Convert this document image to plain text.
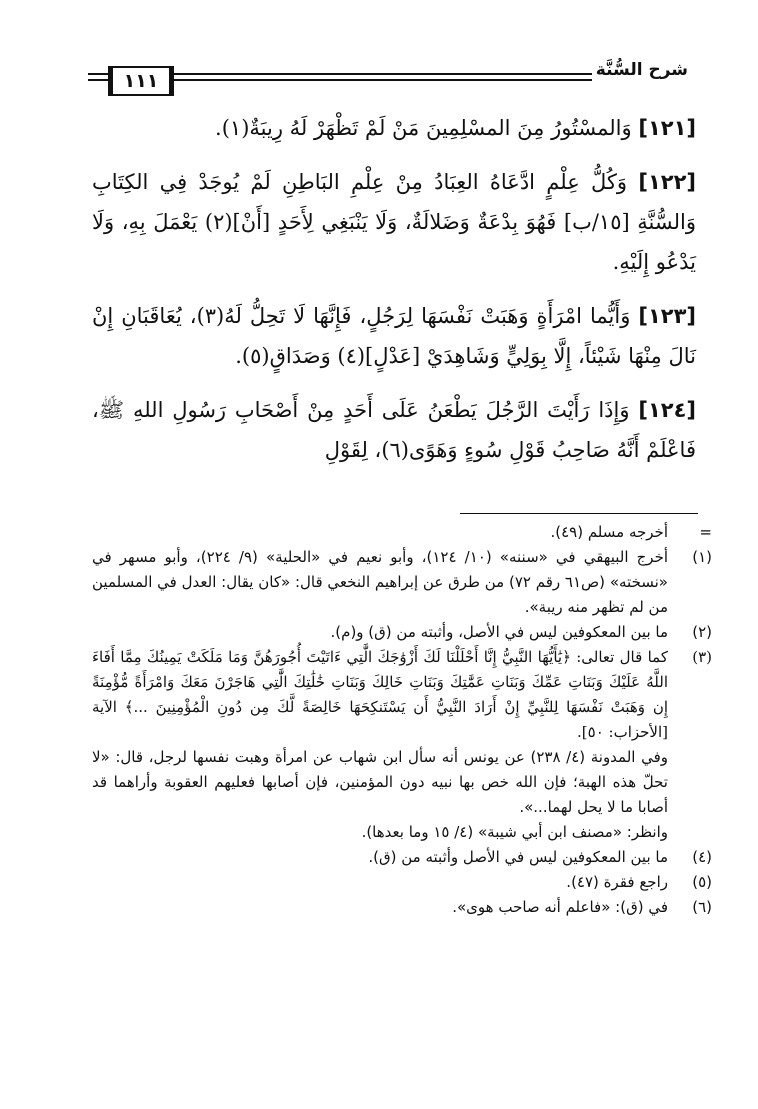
١١١	شرح السُّنَّة

[١٢١] وَالمسْتُورُ مِنَ المسْلِمِينَ مَنْ لَمْ تَظْهَرْ لَهُ رِيبَةٌ(١).

[١٢٢] وَكُلُّ عِلْمٍ ادَّعَاهُ العِبَادُ مِنْ عِلْمِ البَاطِنِ لَمْ يُوجَدْ فِي الكِتَابِ وَالسُّنَّةِ [١٥/ب] فَهُوَ بِدْعَةٌ وَضَلالَةٌ، وَلَا يَنْبَغِي لِأَحَدٍ [أَنْ](٢) يَعْمَلَ بِهِ، وَلَا يَدْعُو إِلَيْهِ.

[١٢٣] وَأَيُّما امْرَأَةٍ وَهَبَتْ نَفْسَهَا لِرَجُلٍ، فَإِنَّهَا لَا تَحِلُّ لَهُ(٣)، يُعَاقَبَانِ إِنْ نَالَ مِنْهَا شَيْئاً، إِلَّا بِوَلِيٍّ وَشَاهِدَيْ [عَدْلٍ](٤) وَصَدَاقٍ(٥).

[١٢٤] وَإِذَا رَأَيْتَ الرَّجُلَ يَطْعَنُ عَلَى أَحَدٍ مِنْ أَصْحَابِ رَسُولِ اللهِ ﷺ، فَاعْلَمْ أَنَّهُ صَاحِبُ قَوْلِ سُوءٍ وَهَوًى(٦)، لِقَوْلِ

=
أخرجه مسلم (٤٩).

(١)
أخرج البيهقي في «سننه» (١٠/ ١٢٤)، وأبو نعيم في «الحلية» (٩/ ٢٢٤)، وأبو مسهر في «نسخته» (ص٦١ رقم ٧٢) من طرق عن إبراهيم النخعي قال: «كان يقال: العدل في المسلمين من لم تظهر منه ريبة».

(٢)
ما بين المعكوفين ليس في الأصل، وأثبته من (ق) و(م).

(٣)
كما قال تعالى: ﴿يَٰأَيُّهَا النَّبِيُّ إِنَّا أَحْلَلْنَا لَكَ أَزْوَٰجَكَ الَّٰتِي ءَاتَيْتَ أُجُورَهُنَّ وَمَا مَلَكَتْ يَمِينُكَ مِمَّا أَفَاءَ اللَّهُ عَلَيْكَ وَبَنَاتِ عَمِّكَ وَبَنَاتِ عَمَّٰتِكَ وَبَنَاتِ خَالِكَ وَبَنَاتِ خَٰلَٰتِكَ الَّٰتِي هَاجَرْنَ مَعَكَ وَامْرَأَةً مُّؤْمِنَةً إِن وَهَبَتْ نَفْسَهَا لِلنَّبِيِّ إِنْ أَرَادَ النَّبِيُّ أَن يَسْتَنكِحَهَا خَالِصَةً لَّكَ مِن دُونِ الْمُؤْمِنِينَ ...﴾ الآية [الأحزاب: ٥٠].

وفي المدونة (٤/ ٢٣٨) عن يونس أنه سأل ابن شهاب عن امرأة وهبت نفسها لرجل، قال: «لا تحلّ هذه الهبة؛ فإن الله خص بها نبيه دون المؤمنين، فإن أصابها فعليهم العقوبة وأراهما قد أصابا ما لا يحل لهما...».

وانظر: «مصنف ابن أبي شيبة» (٤/ ١٥ وما بعدها).

(٤)
ما بين المعكوفين ليس في الأصل وأثبته من (ق).

(٥)
راجع فقرة (٤٧).

(٦)
في (ق): «فاعلم أنه صاحب هوى».
